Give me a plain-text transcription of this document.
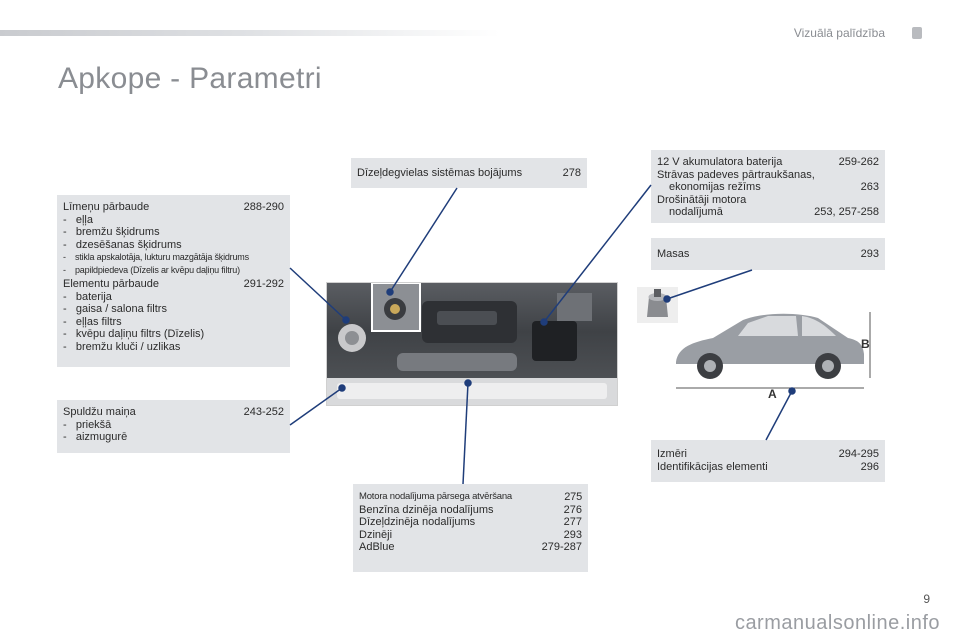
Vizuālā palīdzība
9
Apkope - Parametri
Līmeņu pārbaude	288-290
-   eļļa
-   bremžu šķidrums
-   dzesēšanas šķidrums
-    stikla apskalotāja, lukturu mazgātāja šķidrums
-    papildpiedeva (Dīzelis ar kvēpu daļiņu filtru)
Elementu pārbaude	291-292
-   baterija
-   gaisa / salona filtrs
-   eļļas filtrs
-   kvēpu daļiņu filtrs (Dīzelis)
-   bremžu kluči / uzlikas
Spuldžu maiņa	243-252
-   priekšā
-   aizmugurē
Dīzeļdegvielas sistēmas bojājums	278
12 V akumulatora baterija	259-262
Strāvas padeves pārtraukšanas,
ekonomijas režīms	263
Drošinātāji motora
nodalījumā	253, 257-258
Masas	293
Izmēri	294-295
Identifikācijas elementi	296
Motora nodalījuma pārsega atvēršana	275
Benzīna dzinēja nodalījums	276
Dīzeļdzinēja nodalījums	277
Dzinēji	293
AdBlue	279-287
A
B
carmanualsonline.info
